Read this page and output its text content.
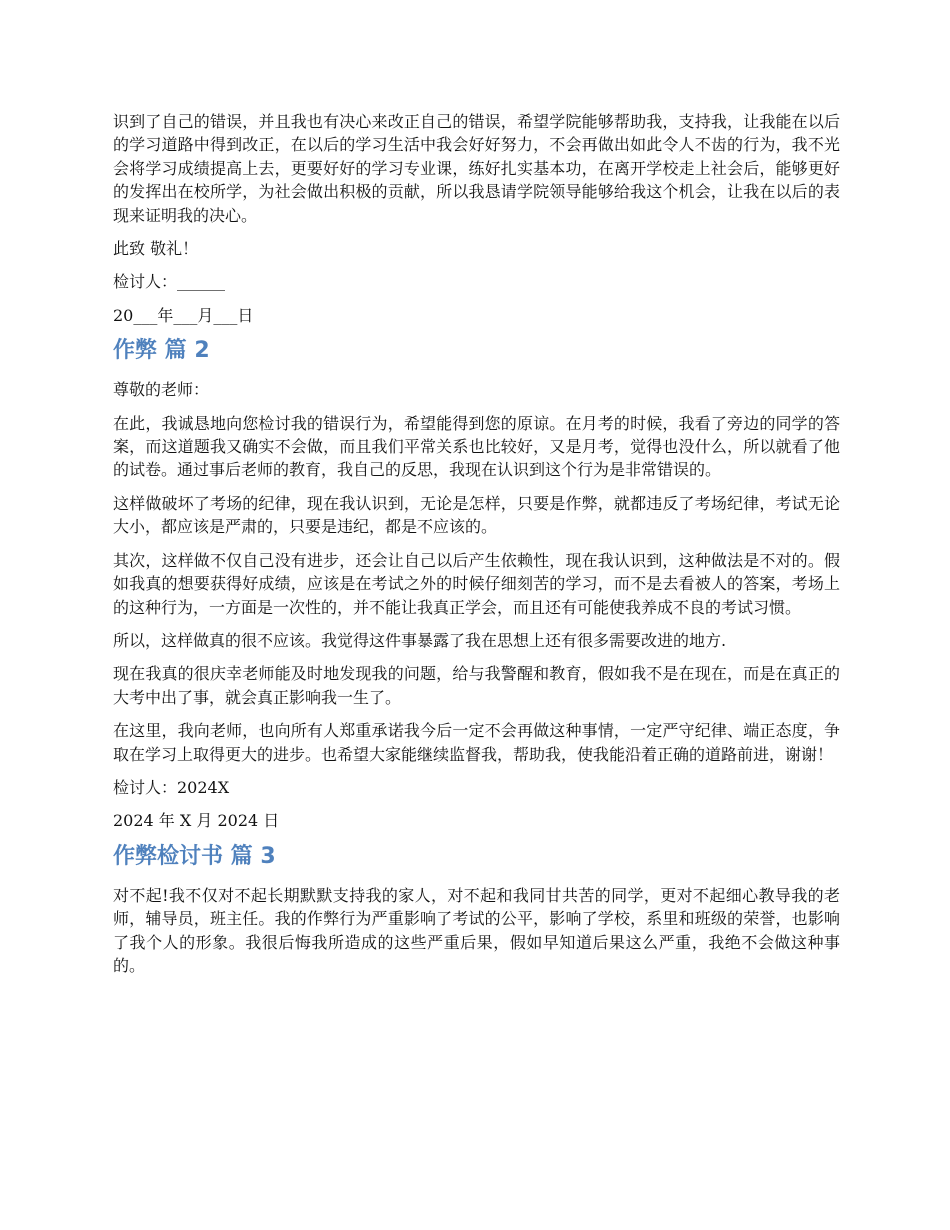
识到了自己的错误，并且我也有决心来改正自己的错误，希望学院能够帮助我，支持我，让我能在以后的学习道路中得到改正，在以后的学习生活中我会好好努力，不会再做出如此令人不齿的行为，我不光会将学习成绩提高上去，更要好好的学习专业课，练好扎实基本功，在离开学校走上社会后，能够更好的发挥出在校所学，为社会做出积极的贡献，所以我恳请学院领导能够给我这个机会，让我在以后的表现来证明我的决心。

此致 敬礼！

检讨人：______

20___年___月___日

作弊 篇 2

尊敬的老师：

在此，我诚恳地向您检讨我的错误行为，希望能得到您的原谅。在月考的时候，我看了旁边的同学的答案，而这道题我又确实不会做，而且我们平常关系也比较好，又是月考，觉得也没什么，所以就看了他的试卷。通过事后老师的教育，我自己的反思，我现在认识到这个行为是非常错误的。

这样做破坏了考场的纪律，现在我认识到，无论是怎样，只要是作弊，就都违反了考场纪律，考试无论大小，都应该是严肃的，只要是违纪，都是不应该的。

其次，这样做不仅自己没有进步，还会让自己以后产生依赖性，现在我认识到，这种做法是不对的。假如我真的想要获得好成绩，应该是在考试之外的时候仔细刻苦的学习，而不是去看被人的答案，考场上的这种行为，一方面是一次性的，并不能让我真正学会，而且还有可能使我养成不良的考试习惯。

所以，这样做真的很不应该。我觉得这件事暴露了我在思想上还有很多需要改进的地方.

现在我真的很庆幸老师能及时地发现我的问题，给与我警醒和教育，假如我不是在现在，而是在真正的大考中出了事，就会真正影响我一生了。

在这里，我向老师，也向所有人郑重承诺我今后一定不会再做这种事情，一定严守纪律、端正态度，争取在学习上取得更大的进步。也希望大家能继续监督我，帮助我，使我能沿着正确的道路前进，谢谢！

检讨人：2024X

2024 年 X 月 2024 日

作弊检讨书 篇 3

对不起!我不仅对不起长期默默支持我的家人，对不起和我同甘共苦的同学，更对不起细心教导我的老师，辅导员，班主任。我的作弊行为严重影响了考试的公平，影响了学校，系里和班级的荣誉，也影响了我个人的形象。我很后悔我所造成的这些严重后果，假如早知道后果这么严重，我绝不会做这种事的。
